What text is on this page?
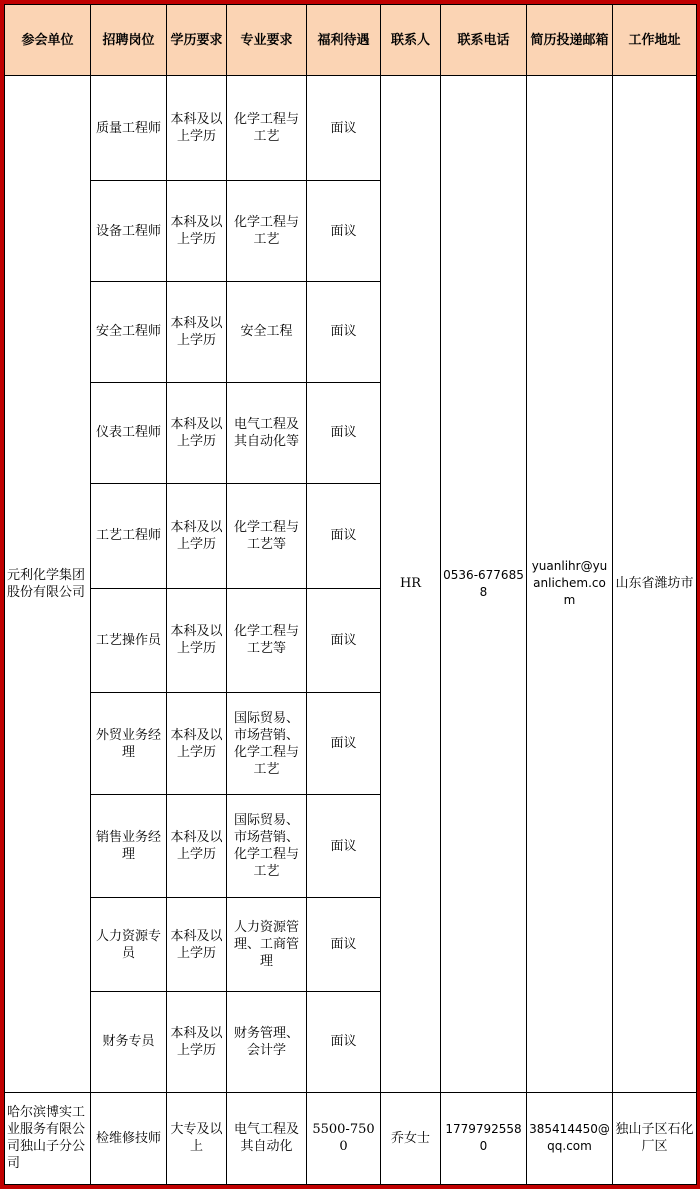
参会单位	招聘岗位	学历要求	专业要求	福利待遇	联系人	联系电话	简历投递邮箱	工作地址
元利化学集团股份有限公司	质量工程师	本科及以上学历	化学工程与工艺	面议	HR	0536-6776858	yuanlihr@yuanlichem.com	山东省潍坊市
	设备工程师	本科及以上学历	化学工程与工艺	面议				
	安全工程师	本科及以上学历	安全工程	面议				
	仪表工程师	本科及以上学历	电气工程及其自动化等	面议				
	工艺工程师	本科及以上学历	化学工程与工艺等	面议				
	工艺操作员	本科及以上学历	化学工程与工艺等	面议				
	外贸业务经理	本科及以上学历	国际贸易、市场营销、化学工程与工艺	面议				
	销售业务经理	本科及以上学历	国际贸易、市场营销、化学工程与工艺	面议				
	人力资源专员	本科及以上学历	人力资源管理、工商管理	面议				
	财务专员	本科及以上学历	财务管理、会计学	面议				
哈尔滨博实工业服务有限公司独山子分公司	检维修技师	大专及以上	电气工程及其自动化	5500-7500	乔女士	17797925580	385414450@qq.com	独山子区石化厂区
